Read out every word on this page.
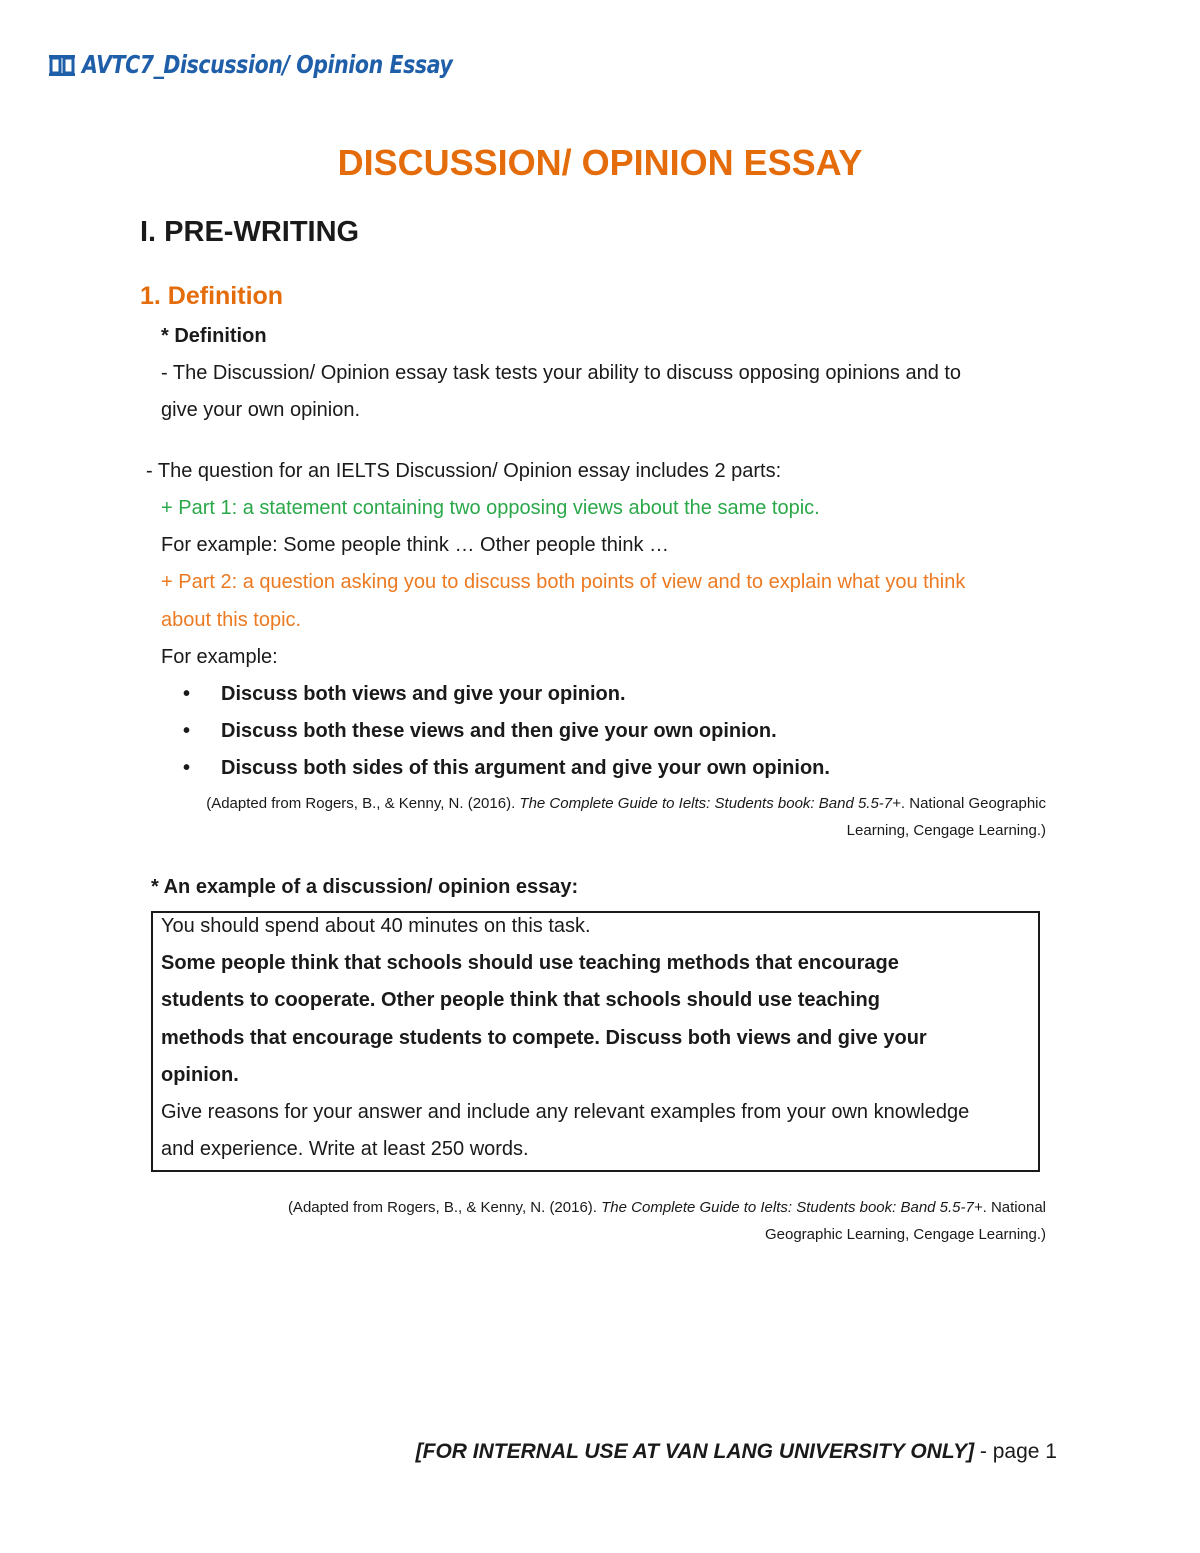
AVTC7_Discussion/ Opinion Essay
DISCUSSION/ OPINION ESSAY
I. PRE-WRITING
1. Definition
* Definition
- The Discussion/ Opinion essay task tests your ability to discuss opposing opinions and to
give your own opinion.
- The question for an IELTS Discussion/ Opinion essay includes 2 parts:
+ Part 1: a statement containing two opposing views about the same topic.
For example: Some people think … Other people think …
+ Part 2: a question asking you to discuss both points of view and to explain what you think
about this topic.
For example:
•	Discuss both views and give your opinion.
•	Discuss both these views and then give your own opinion.
•	Discuss both sides of this argument and give your own opinion.
(Adapted from Rogers, B., & Kenny, N. (2016). The Complete Guide to Ielts: Students book: Band 5.5-7+. National Geographic
Learning, Cengage Learning.)
* An example of a discussion/ opinion essay:
You should spend about 40 minutes on this task.
Some people think that schools should use teaching methods that encourage
students to cooperate. Other people think that schools should use teaching
methods that encourage students to compete. Discuss both views and give your
opinion.
Give reasons for your answer and include any relevant examples from your own knowledge
and experience. Write at least 250 words.
(Adapted from Rogers, B., & Kenny, N. (2016). The Complete Guide to Ielts: Students book: Band 5.5-7+. National
Geographic Learning, Cengage Learning.)
[FOR INTERNAL USE AT VAN LANG UNIVERSITY ONLY] - page 1
